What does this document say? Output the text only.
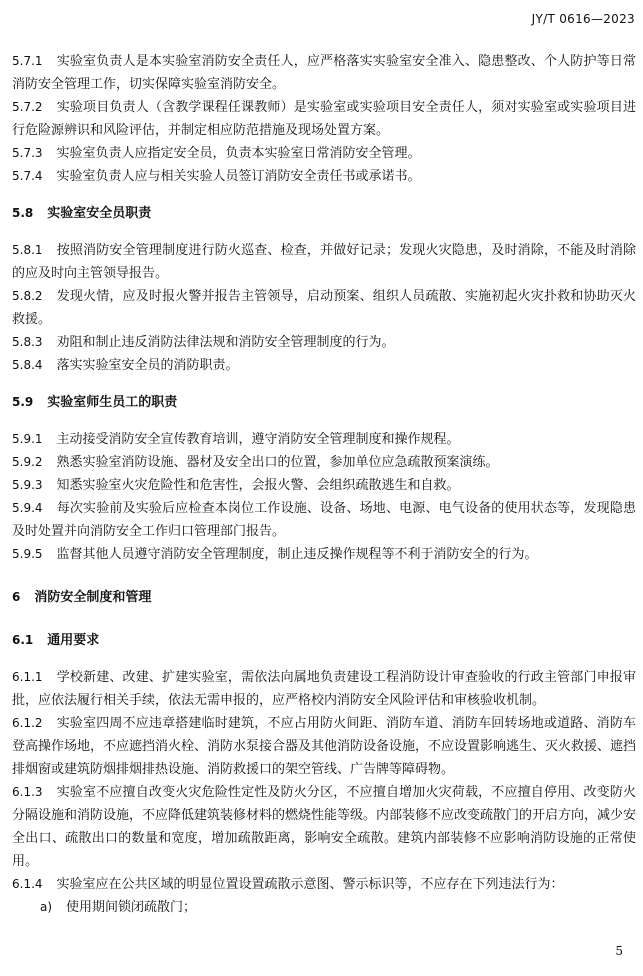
JY/T 0616—2023

5.7.1 实验室负责人是本实验室消防安全责任人，应严格落实实验室安全准入、隐患整改、个人防护等日常消防安全管理工作，切实保障实验室消防安全。

5.7.2 实验项目负责人（含教学课程任课教师）是实验室或实验项目安全责任人，须对实验室或实验项目进行危险源辨识和风险评估，并制定相应防范措施及现场处置方案。

5.7.3 实验室负责人应指定安全员，负责本实验室日常消防安全管理。

5.7.4 实验室负责人应与相关实验人员签订消防安全责任书或承诺书。

5.8 实验室安全员职责

5.8.1 按照消防安全管理制度进行防火巡查、检查，并做好记录；发现火灾隐患，及时消除，不能及时消除的应及时向主管领导报告。

5.8.2 发现火情，应及时报火警并报告主管领导，启动预案、组织人员疏散、实施初起火灾扑救和协助灭火救援。

5.8.3 劝阻和制止违反消防法律法规和消防安全管理制度的行为。

5.8.4 落实实验室安全员的消防职责。

5.9 实验室师生员工的职责

5.9.1 主动接受消防安全宣传教育培训，遵守消防安全管理制度和操作规程。

5.9.2 熟悉实验室消防设施、器材及安全出口的位置，参加单位应急疏散预案演练。

5.9.3 知悉实验室火灾危险性和危害性，会报火警、会组织疏散逃生和自救。

5.9.4 每次实验前及实验后应检查本岗位工作设施、设备、场地、电源、电气设备的使用状态等，发现隐患及时处置并向消防安全工作归口管理部门报告。

5.9.5 监督其他人员遵守消防安全管理制度，制止违反操作规程等不利于消防安全的行为。

6 消防安全制度和管理

6.1 通用要求

6.1.1 学校新建、改建、扩建实验室，需依法向属地负责建设工程消防设计审查验收的行政主管部门申报审批，应依法履行相关手续，依法无需申报的，应严格校内消防安全风险评估和审核验收机制。

6.1.2 实验室四周不应违章搭建临时建筑，不应占用防火间距、消防车道、消防车回转场地或道路、消防车登高操作场地，不应遮挡消火栓、消防水泵接合器及其他消防设备设施，不应设置影响逃生、灭火救援、遮挡排烟窗或建筑防烟排烟排热设施、消防救援口的架空管线、广告牌等障碍物。

6.1.3 实验室不应擅自改变火灾危险性定性及防火分区，不应擅自增加火灾荷载，不应擅自停用、改变防火分隔设施和消防设施，不应降低建筑装修材料的燃烧性能等级。内部装修不应改变疏散门的开启方向，减少安全出口、疏散出口的数量和宽度，增加疏散距离，影响安全疏散。建筑内部装修不应影响消防设施的正常使用。

6.1.4 实验室应在公共区域的明显位置设置疏散示意图、警示标识等，不应存在下列违法行为：

a) 使用期间锁闭疏散门；

5
